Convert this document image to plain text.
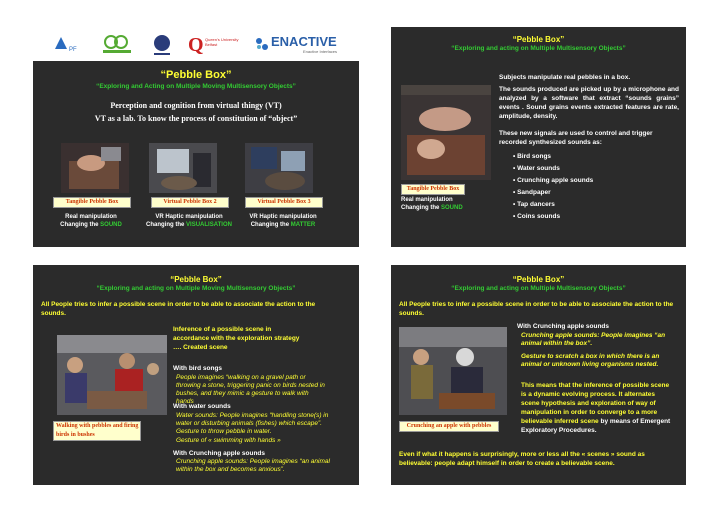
PF	Q Queen's University
Belfast	ENACTIVE
Enactive Interfaces
“Pebble Box”
“Exploring and Acting on Multiple Moving Multisensory Objects”
Perception and cognition from virtual thingy (VT)
VT as a lab. To know the process of constitution of “object”
Tangible Pebble Box	Virtual Pebble Box 2	Virtual Pebble Box 3
Real manipulation
Changing the SOUND
VR Haptic manipulation
Changing the VISUALISATION
VR Haptic manipulation
Changing the MATTER
“Pebble Box”
“Exploring and acting on Multiple Multisensory Objects”
Tangible Pebble Box
Real manipulation
Changing the SOUND
Subjects manipulate real pebbles in a box.
The sounds produced are picked up by a microphone and analyzed by a software that extract “sounds grains” events . Sound grains events extracted features are rate, amplitude, density.
These new signals are used to control and trigger recorded synthesized sounds as:
• Bird songs
• Water sounds
• Crunching apple sounds
• Sandpaper
• Tap dancers
• Coins sounds
“Pebble Box”
“Exploring and acting on Multiple Moving Multisensory Objects”
All People tries to infer a possible scene in order to be able to associate the action to the sounds.
Inference of a possible scene in accordance with the exploration strategy …. Created scene
Walking with pebbles and firing birds in bushes
With bird songs
People imagines “walking on a gravel path or throwing a stone, triggering panic on birds nested in bushes, and they mimic a gesture to walk with hands
With water sounds
Water sounds: People imagines “handling stone(s) in water or disturbing animals (fishes) which escape”.
Gesture to throw pebble in water.
Gesture of « swimming with hands »
With Crunching apple sounds
Crunching apple sounds: People imagines “an animal within the box and becomes anxious”.
“Pebble Box”
“Exploring and acting on Multiple Multisensory Objects”
All People tries to infer a possible scene in order to be able to associate the action to the sounds.
Crunching an apple with pebbles
With Crunching apple sounds
Crunching apple sounds: People imagines “an animal within the box”.
Gesture to scratch a box in which there is an animal or unknown living organisms nested.
This means that the inference of possible scene is a dynamic evolving process. It alternates scene hypothesis and exploration of way of manipulation in order to converge to a more believable inferred scene by means of Emergent Exploratory Procedures.
Even if what it happens is surprisingly, more or less all the « scenes » sound as believable: people adapt himself in order to create a believable scene.
